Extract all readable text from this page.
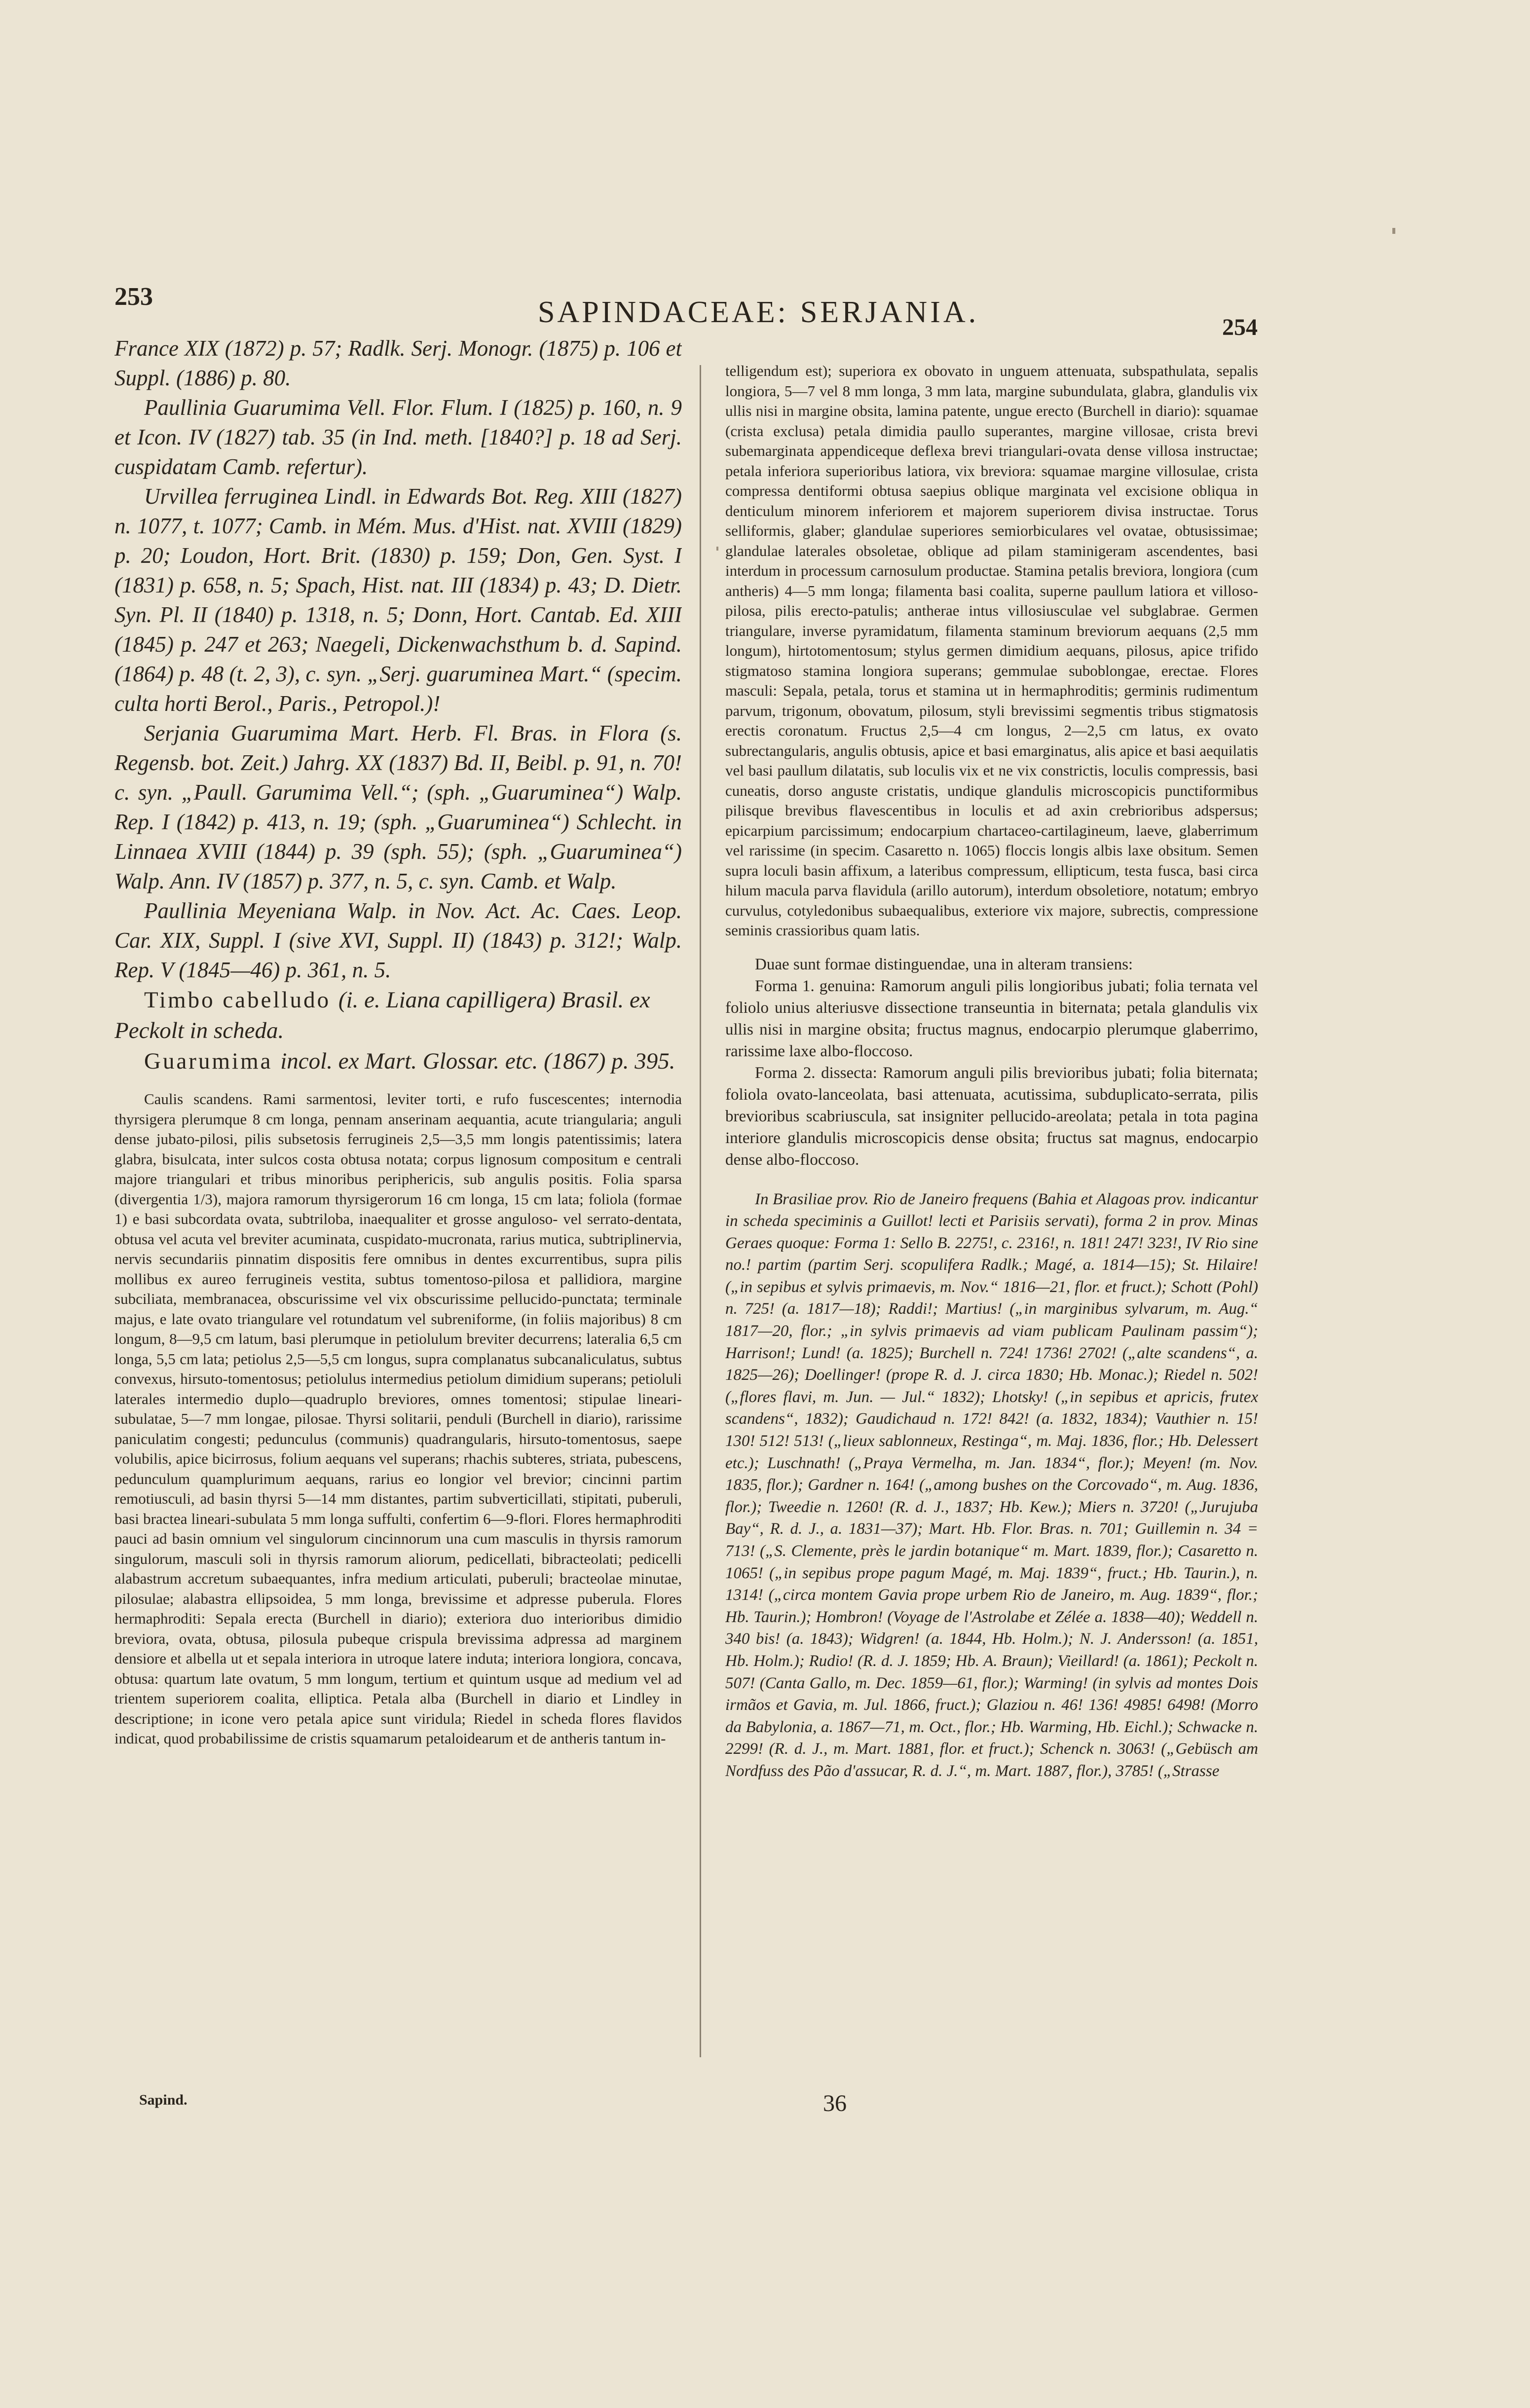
253	SAPINDACEAE: SERJANIA.	254

France XIX (1872) p. 57; Radlk. Serj. Monogr. (1875) p. 106 et Suppl. (1886) p. 80.

Paullinia Guarumima Vell. Flor. Flum. I (1825) p. 160, n. 9 et Icon. IV (1827) tab. 35 (in Ind. meth. [1840?] p. 18 ad Serj. cuspidatam Camb. refertur).

Urvillea ferruginea Lindl. in Edwards Bot. Reg. XIII (1827) n. 1077, t. 1077; Camb. in Mém. Mus. d'Hist. nat. XVIII (1829) p. 20; Loudon, Hort. Brit. (1830) p. 159; Don, Gen. Syst. I (1831) p. 658, n. 5; Spach, Hist. nat. III (1834) p. 43; D. Dietr. Syn. Pl. II (1840) p. 1318, n. 5; Donn, Hort. Cantab. Ed. XIII (1845) p. 247 et 263; Naegeli, Dickenwachsthum b. d. Sapind. (1864) p. 48 (t. 2, 3), c. syn. „Serj. guaruminea Mart.“ (specim. culta horti Berol., Paris., Petropol.)!

Serjania Guarumima Mart. Herb. Fl. Bras. in Flora (s. Regensb. bot. Zeit.) Jahrg. XX (1837) Bd. II, Beibl. p. 91, n. 70! c. syn. „Paull. Garumima Vell.“; (sph. „Guaruminea“) Walp. Rep. I (1842) p. 413, n. 19; (sph. „Guaruminea“) Schlecht. in Linnaea XVIII (1844) p. 39 (sph. 55); (sph. „Guaruminea“) Walp. Ann. IV (1857) p. 377, n. 5, c. syn. Camb. et Walp.

Paullinia Meyeniana Walp. in Nov. Act. Ac. Caes. Leop. Car. XIX, Suppl. I (sive XVI, Suppl. II) (1843) p. 312!; Walp. Rep. V (1845—46) p. 361, n. 5.

Timbo cabelludo (i. e. Liana capilligera) Brasil. ex Peckolt in scheda.

Guarumima incol. ex Mart. Glossar. etc. (1867) p. 395.

Caulis scandens. Rami sarmentosi, leviter torti, e rufo fuscescentes; internodia thyrsigera plerumque 8 cm longa, pennam anserinam aequantia, acute triangularia; anguli dense jubato-pilosi, pilis subsetosis ferrugineis 2,5—3,5 mm longis patentissimis; latera glabra, bisulcata, inter sulcos costa obtusa notata; corpus lignosum compositum e centrali majore triangulari et tribus minoribus periphericis, sub angulis positis. Folia sparsa (divergentia 1/3), majora ramorum thyrsigerorum 16 cm longa, 15 cm lata; foliola (formae 1) e basi subcordata ovata, subtriloba, inaequaliter et grosse anguloso- vel serrato-dentata, obtusa vel acuta vel breviter acuminata, cuspidato-mucronata, rarius mutica, subtriplinervia, nervis secundariis pinnatim dispositis fere omnibus in dentes excurrentibus, supra pilis mollibus ex aureo ferrugineis vestita, subtus tomentoso-pilosa et pallidiora, margine subciliata, membranacea, obscurissime vel vix obscurissime pellucido-punctata; terminale majus, e late ovato triangulare vel rotundatum vel subreniforme, (in foliis majoribus) 8 cm longum, 8—9,5 cm latum, basi plerumque in petiolulum breviter decurrens; lateralia 6,5 cm longa, 5,5 cm lata; petiolus 2,5—5,5 cm longus, supra complanatus subcanaliculatus, subtus convexus, hirsuto-tomentosus; petiolulus intermedius petiolum dimidium superans; petioluli laterales intermedio duplo—quadruplo breviores, omnes tomentosi; stipulae lineari-subulatae, 5—7 mm longae, pilosae. Thyrsi solitarii, penduli (Burchell in diario), rarissime paniculatim congesti; pedunculus (communis) quadrangularis, hirsuto-tomentosus, saepe volubilis, apice bicirrosus, folium aequans vel superans; rhachis subteres, striata, pubescens, pedunculum quamplurimum aequans, rarius eo longior vel brevior; cincinni partim remotiusculi, ad basin thyrsi 5—14 mm distantes, partim subverticillati, stipitati, puberuli, basi bractea lineari-subulata 5 mm longa suffulti, confertim 6—9-flori. Flores hermaphroditi pauci ad basin omnium vel singulorum cincinnorum una cum masculis in thyrsis ramorum singulorum, masculi soli in thyrsis ramorum aliorum, pedicellati, bibracteolati; pedicelli alabastrum accretum subaequantes, infra medium articulati, puberuli; bracteolae minutae, pilosulae; alabastra ellipsoidea, 5 mm longa, brevissime et adpresse puberula. Flores hermaphroditi: Sepala erecta (Burchell in diario); exteriora duo interioribus dimidio breviora, ovata, obtusa, pilosula pubeque crispula brevissima adpressa ad marginem densiore et albella ut et sepala interiora in utroque latere induta; interiora longiora, concava, obtusa: quartum late ovatum, 5 mm longum, tertium et quintum usque ad medium vel ad trientem superiorem coalita, elliptica. Petala alba (Burchell in diario et Lindley in descriptione; in icone vero petala apice sunt viridula; Riedel in scheda flores flavidos indicat, quod probabilissime de cristis squamarum petaloidearum et de antheris tantum in-

telligendum est); superiora ex obovato in unguem attenuata, subspathulata, sepalis longiora, 5—7 vel 8 mm longa, 3 mm lata, margine subundulata, glabra, glandulis vix ullis nisi in margine obsita, lamina patente, ungue erecto (Burchell in diario): squamae (crista exclusa) petala dimidia paullo superantes, margine villosae, crista brevi subemarginata appendiceque deflexa brevi triangulari-ovata dense villosa instructae; petala inferiora superioribus latiora, vix breviora: squamae margine villosulae, crista compressa dentiformi obtusa saepius oblique marginata vel excisione obliqua in denticulum minorem inferiorem et majorem superiorem divisa instructae. Torus selliformis, glaber; glandulae superiores semiorbiculares vel ovatae, obtusissimae; glandulae laterales obsoletae, oblique ad pilam staminigeram ascendentes, basi interdum in processum carnosulum productae. Stamina petalis breviora, longiora (cum antheris) 4—5 mm longa; filamenta basi coalita, superne paullum latiora et villoso-pilosa, pilis erecto-patulis; antherae intus villosiusculae vel subglabrae. Germen triangulare, inverse pyramidatum, filamenta staminum breviorum aequans (2,5 mm longum), hirtotomentosum; stylus germen dimidium aequans, pilosus, apice trifido stigmatoso stamina longiora superans; gemmulae suboblongae, erectae. Flores masculi: Sepala, petala, torus et stamina ut in hermaphroditis; germinis rudimentum parvum, trigonum, obovatum, pilosum, styli brevissimi segmentis tribus stigmatosis erectis coronatum. Fructus 2,5—4 cm longus, 2—2,5 cm latus, ex ovato subrectangularis, angulis obtusis, apice et basi emarginatus, alis apice et basi aequilatis vel basi paullum dilatatis, sub loculis vix et ne vix constrictis, loculis compressis, basi cuneatis, dorso anguste cristatis, undique glandulis microscopicis punctiformibus pilisque brevibus flavescentibus in loculis et ad axin crebrioribus adspersus; epicarpium parcissimum; endocarpium chartaceo-cartilagineum, laeve, glaberrimum vel rarissime (in specim. Casaretto n. 1065) floccis longis albis laxe obsitum. Semen supra loculi basin affixum, a lateribus compressum, ellipticum, testa fusca, basi circa hilum macula parva flavidula (arillo autorum), interdum obsoletiore, notatum; embryo curvulus, cotyledonibus subaequalibus, exteriore vix majore, subrectis, compressione seminis crassioribus quam latis.

Duae sunt formae distinguendae, una in alteram transiens:

Forma 1. genuina: Ramorum anguli pilis longioribus jubati; folia ternata vel foliolo unius alteriusve dissectione transeuntia in biternata; petala glandulis vix ullis nisi in margine obsita; fructus magnus, endocarpio plerumque glaberrimo, rarissime laxe albo-floccoso.

Forma 2. dissecta: Ramorum anguli pilis brevioribus jubati; folia biternata; foliola ovato-lanceolata, basi attenuata, acutissima, subduplicato-serrata, pilis brevioribus scabriuscula, sat insigniter pellucido-areolata; petala in tota pagina interiore glandulis microscopicis dense obsita; fructus sat magnus, endocarpio dense albo-floccoso.

In Brasiliae prov. Rio de Janeiro frequens (Bahia et Alagoas prov. indicantur in scheda speciminis a Guillot! lecti et Parisiis servati), forma 2 in prov. Minas Geraes quoque: Forma 1: Sello B. 2275!, c. 2316!, n. 181! 247! 323!, IV Rio sine no.! partim (partim Serj. scopulifera Radlk.; Magé, a. 1814—15); St. Hilaire! („in sepibus et sylvis primaevis, m. Nov.“ 1816—21, flor. et fruct.); Schott (Pohl) n. 725! (a. 1817—18); Raddi!; Martius! („in marginibus sylvarum, m. Aug.“ 1817—20, flor.; „in sylvis primaevis ad viam publicam Paulinam passim“); Harrison!; Lund! (a. 1825); Burchell n. 724! 1736! 2702! („alte scandens“, a. 1825—26); Doellinger! (prope R. d. J. circa 1830; Hb. Monac.); Riedel n. 502! („flores flavi, m. Jun. — Jul.“ 1832); Lhotsky! („in sepibus et apricis, frutex scandens“, 1832); Gaudichaud n. 172! 842! (a. 1832, 1834); Vauthier n. 15! 130! 512! 513! („lieux sablonneux, Restinga“, m. Maj. 1836, flor.; Hb. Delessert etc.); Luschnath! („Praya Vermelha, m. Jan. 1834“, flor.); Meyen! (m. Nov. 1835, flor.); Gardner n. 164! („among bushes on the Corcovado“, m. Aug. 1836, flor.); Tweedie n. 1260! (R. d. J., 1837; Hb. Kew.); Miers n. 3720! („Jurujuba Bay“, R. d. J., a. 1831—37); Mart. Hb. Flor. Bras. n. 701; Guillemin n. 34 = 713! („S. Clemente, près le jardin botanique“ m. Mart. 1839, flor.); Casaretto n. 1065! („in sepibus prope pagum Magé, m. Maj. 1839“, fruct.; Hb. Taurin.), n. 1314! („circa montem Gavia prope urbem Rio de Janeiro, m. Aug. 1839“, flor.; Hb. Taurin.); Hombron! (Voyage de l'Astrolabe et Zélée a. 1838—40); Weddell n. 340 bis! (a. 1843); Widgren! (a. 1844, Hb. Holm.); N. J. Andersson! (a. 1851, Hb. Holm.); Rudio! (R. d. J. 1859; Hb. A. Braun); Vieillard! (a. 1861); Peckolt n. 507! (Canta Gallo, m. Dec. 1859—61, flor.); Warming! (in sylvis ad montes Dois irmãos et Gavia, m. Jul. 1866, fruct.); Glaziou n. 46! 136! 4985! 6498! (Morro da Babylonia, a. 1867—71, m. Oct., flor.; Hb. Warming, Hb. Eichl.); Schwacke n. 2299! (R. d. J., m. Mart. 1881, flor. et fruct.); Schenck n. 3063! („Gebüsch am Nordfuss des Pão d'assucar, R. d. J.“, m. Mart. 1887, flor.), 3785! („Strasse

Sapind.	36
